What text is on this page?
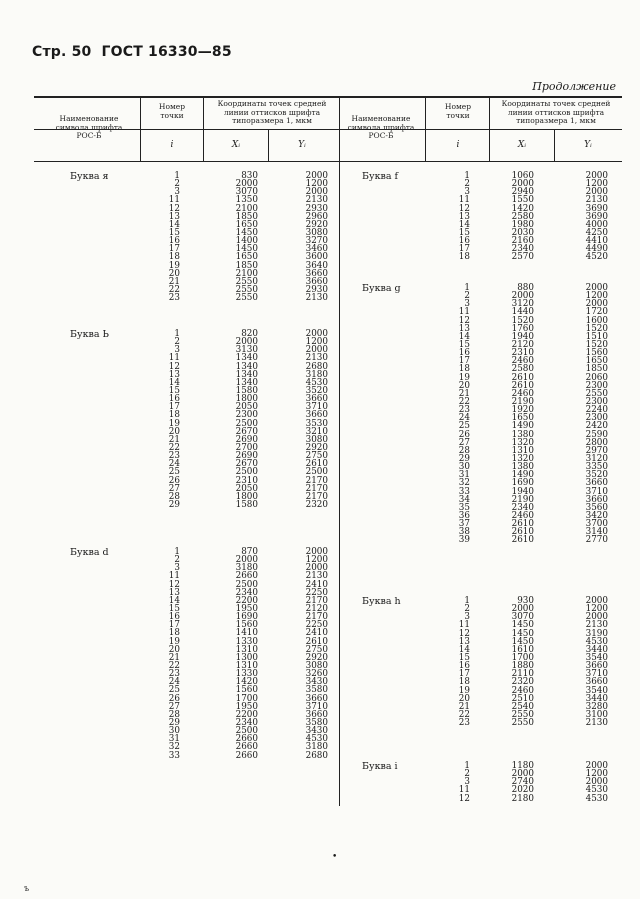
Стр. 50 ГОСТ 16330—85
Продолжение
Наименование символа шрифта РОС-Б
Номер точки
Координаты точек средней линии оттисков шрифта типоразмера 1, мкм
i	Xᵢ	Yᵢ
Наименование символа шрифта РОС-Б
Номер точки
Координаты точек средней линии оттисков шрифта типоразмера 1, мкм
i	Xᵢ	Yᵢ
Буква я	1	830	2000
2	2000	1200
3	3070	2000
11	1350	2130
12	2100	2930
13	1850	2960
14	1650	2920
15	1450	3080
16	1400	3270
17	1450	3460
18	1650	3600
19	1850	3640
20	2100	3660
21	2550	3660
22	2550	2930
23	2550	2130
Буква Ь	1	820	2000
2	2000	1200
3	3130	2000
11	1340	2130
12	1340	2680
13	1340	3180
14	1340	4530
15	1580	3520
16	1800	3660
17	2050	3710
18	2300	3660
19	2500	3530
20	2670	3210
21	2690	3080
22	2700	2920
23	2690	2750
24	2670	2610
25	2500	2500
26	2310	2170
27	2050	2170
28	1800	2170
29	1580	2320
Буква d	1	870	2000
2	2000	1200
3	3180	2000
11	2660	2130
12	2500	2410
13	2340	2250
14	2200	2170
15	1950	2120
16	1690	2170
17	1560	2250
18	1410	2410
19	1330	2610
20	1310	2750
21	1300	2920
22	1310	3080
23	1330	3260
24	1420	3430
25	1560	3580
26	1700	3660
27	1950	3710
28	2200	3660
29	2340	3580
30	2500	3430
31	2660	4530
32	2660	3180
33	2660	2680
Буква f	1	1060	2000
2	2000	1200
3	2940	2000
11	1550	2130
12	1420	3690
13	2580	3690
14	1980	4000
15	2030	4250
16	2160	4410
17	2340	4490
18	2570	4520
Буква g	1	880	2000
2	2000	1200
3	3120	2000
11	1440	1720
12	1520	1600
13	1760	1520
14	1940	1510
15	2120	1520
16	2310	1560
17	2460	1650
18	2580	1850
19	2610	2060
20	2610	2300
21	2460	2550
22	2190	2300
23	1920	2240
24	1650	2300
25	1490	2420
26	1380	2590
27	1320	2800
28	1310	2970
29	1320	3120
30	1380	3350
31	1490	3520
32	1690	3660
33	1940	3710
34	2190	3660
35	2340	3560
36	2460	3420
37	2610	3700
38	2610	3140
39	2610	2770
Буква h	1	930	2000
2	2000	1200
3	3070	2000
11	1450	2130
12	1450	3190
13	1450	4530
14	1610	3440
15	1700	3540
16	1880	3660
17	2110	3710
18	2320	3660
19	2460	3540
20	2510	3440
21	2540	3280
22	2550	3100
23	2550	2130
Буква i	1	1180	2000
2	2000	1200
3	2740	2000
11	2020	4530
12	2180	4530
•
ъ
